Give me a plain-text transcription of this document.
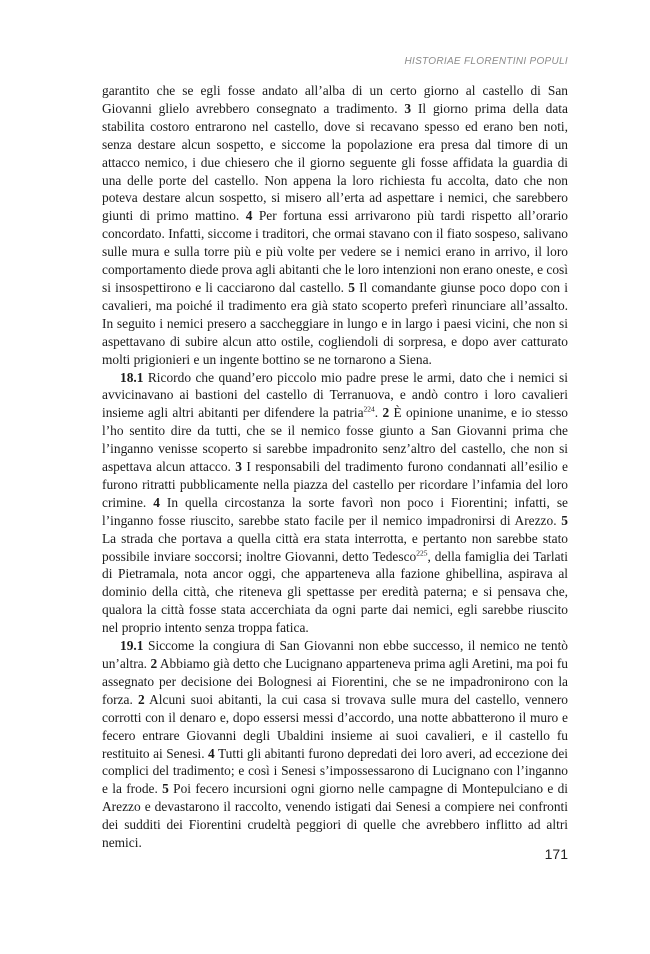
HISTORIAE FLORENTINI POPULI

garantito che se egli fosse andato all’alba di un certo giorno al castello di San Giovanni glielo avrebbero consegnato a tradimento. 3 Il giorno prima della data stabilita costoro entrarono nel castello, dove si recavano spesso ed erano ben noti, senza destare alcun sospetto, e siccome la popolazione era presa dal timore di un attacco nemico, i due chiesero che il giorno seguente gli fosse affidata la guardia di una delle porte del castello. Non appena la loro richiesta fu accolta, dato che non poteva destare alcun sospetto, si misero all’erta ad aspettare i nemici, che sarebbero giunti di primo mattino. 4 Per fortuna essi arrivarono più tardi rispetto all’orario concordato. Infatti, siccome i traditori, che ormai stavano con il fiato sospeso, salivano sulle mura e sulla torre più e più volte per vedere se i nemici erano in arrivo, il loro comportamento diede prova agli abitanti che le loro intenzioni non erano oneste, e così si insospettirono e li cacciarono dal castello. 5 Il comandante giunse poco dopo con i cavalieri, ma poiché il tradimento era già stato scoperto preferì rinunciare all’assalto. In seguito i nemici presero a saccheggiare in lungo e in largo i paesi vicini, che non si aspettavano di subire alcun atto ostile, cogliendoli di sorpresa, e dopo aver catturato molti prigionieri e un ingente bottino se ne tornarono a Siena.

18.1 Ricordo che quand’ero piccolo mio padre prese le armi, dato che i nemici si avvicinavano ai bastioni del castello di Terranuova, e andò contro i loro cavalieri insieme agli altri abitanti per difendere la patria$^{224}$. 2 È opinione unanime, e io stesso l’ho sentito dire da tutti, che se il nemico fosse giunto a San Giovanni prima che l’inganno venisse scoperto si sarebbe impadronito senz’altro del castello, che non si aspettava alcun attacco. 3 I responsabili del tradimento furono condannati all’esilio e furono ritratti pubblicamente nella piazza del castello per ricordare l’infamia del loro crimine. 4 In quella circostanza la sorte favorì non poco i Fiorentini; infatti, se l’inganno fosse riuscito, sarebbe stato facile per il nemico impadronirsi di Arezzo. 5 La strada che portava a quella città era stata interrotta, e pertanto non sarebbe stato possibile inviare soccorsi; inoltre Giovanni, detto Tedesco$^{225}$, della famiglia dei Tarlati di Pietramala, nota ancor oggi, che apparteneva alla fazione ghibellina, aspirava al dominio della città, che riteneva gli spettasse per eredità paterna; e si pensava che, qualora la città fosse stata accerchiata da ogni parte dai nemici, egli sarebbe riuscito nel proprio intento senza troppa fatica.

19.1 Siccome la congiura di San Giovanni non ebbe successo, il nemico ne tentò un’altra. 2 Abbiamo già detto che Lucignano apparteneva prima agli Aretini, ma poi fu assegnato per decisione dei Bolognesi ai Fiorentini, che se ne impadronirono con la forza. 2 Alcuni suoi abitanti, la cui casa si trovava sulle mura del castello, vennero corrotti con il denaro e, dopo essersi messi d’accordo, una notte abbatterono il muro e fecero entrare Giovanni degli Ubaldini insieme ai suoi cavalieri, e il castello fu restituito ai Senesi. 4 Tutti gli abitanti furono depredati dei loro averi, ad eccezione dei complici del tradimento; e così i Senesi s’impossessarono di Lucignano con l’inganno e la frode. 5 Poi fecero incursioni ogni giorno nelle campagne di Montepulciano e di Arezzo e devastarono il raccolto, venendo istigati dai Senesi a compiere nei confronti dei sudditi dei Fiorentini crudeltà peggiori di quelle che avrebbero inflitto ad altri nemici.

171
